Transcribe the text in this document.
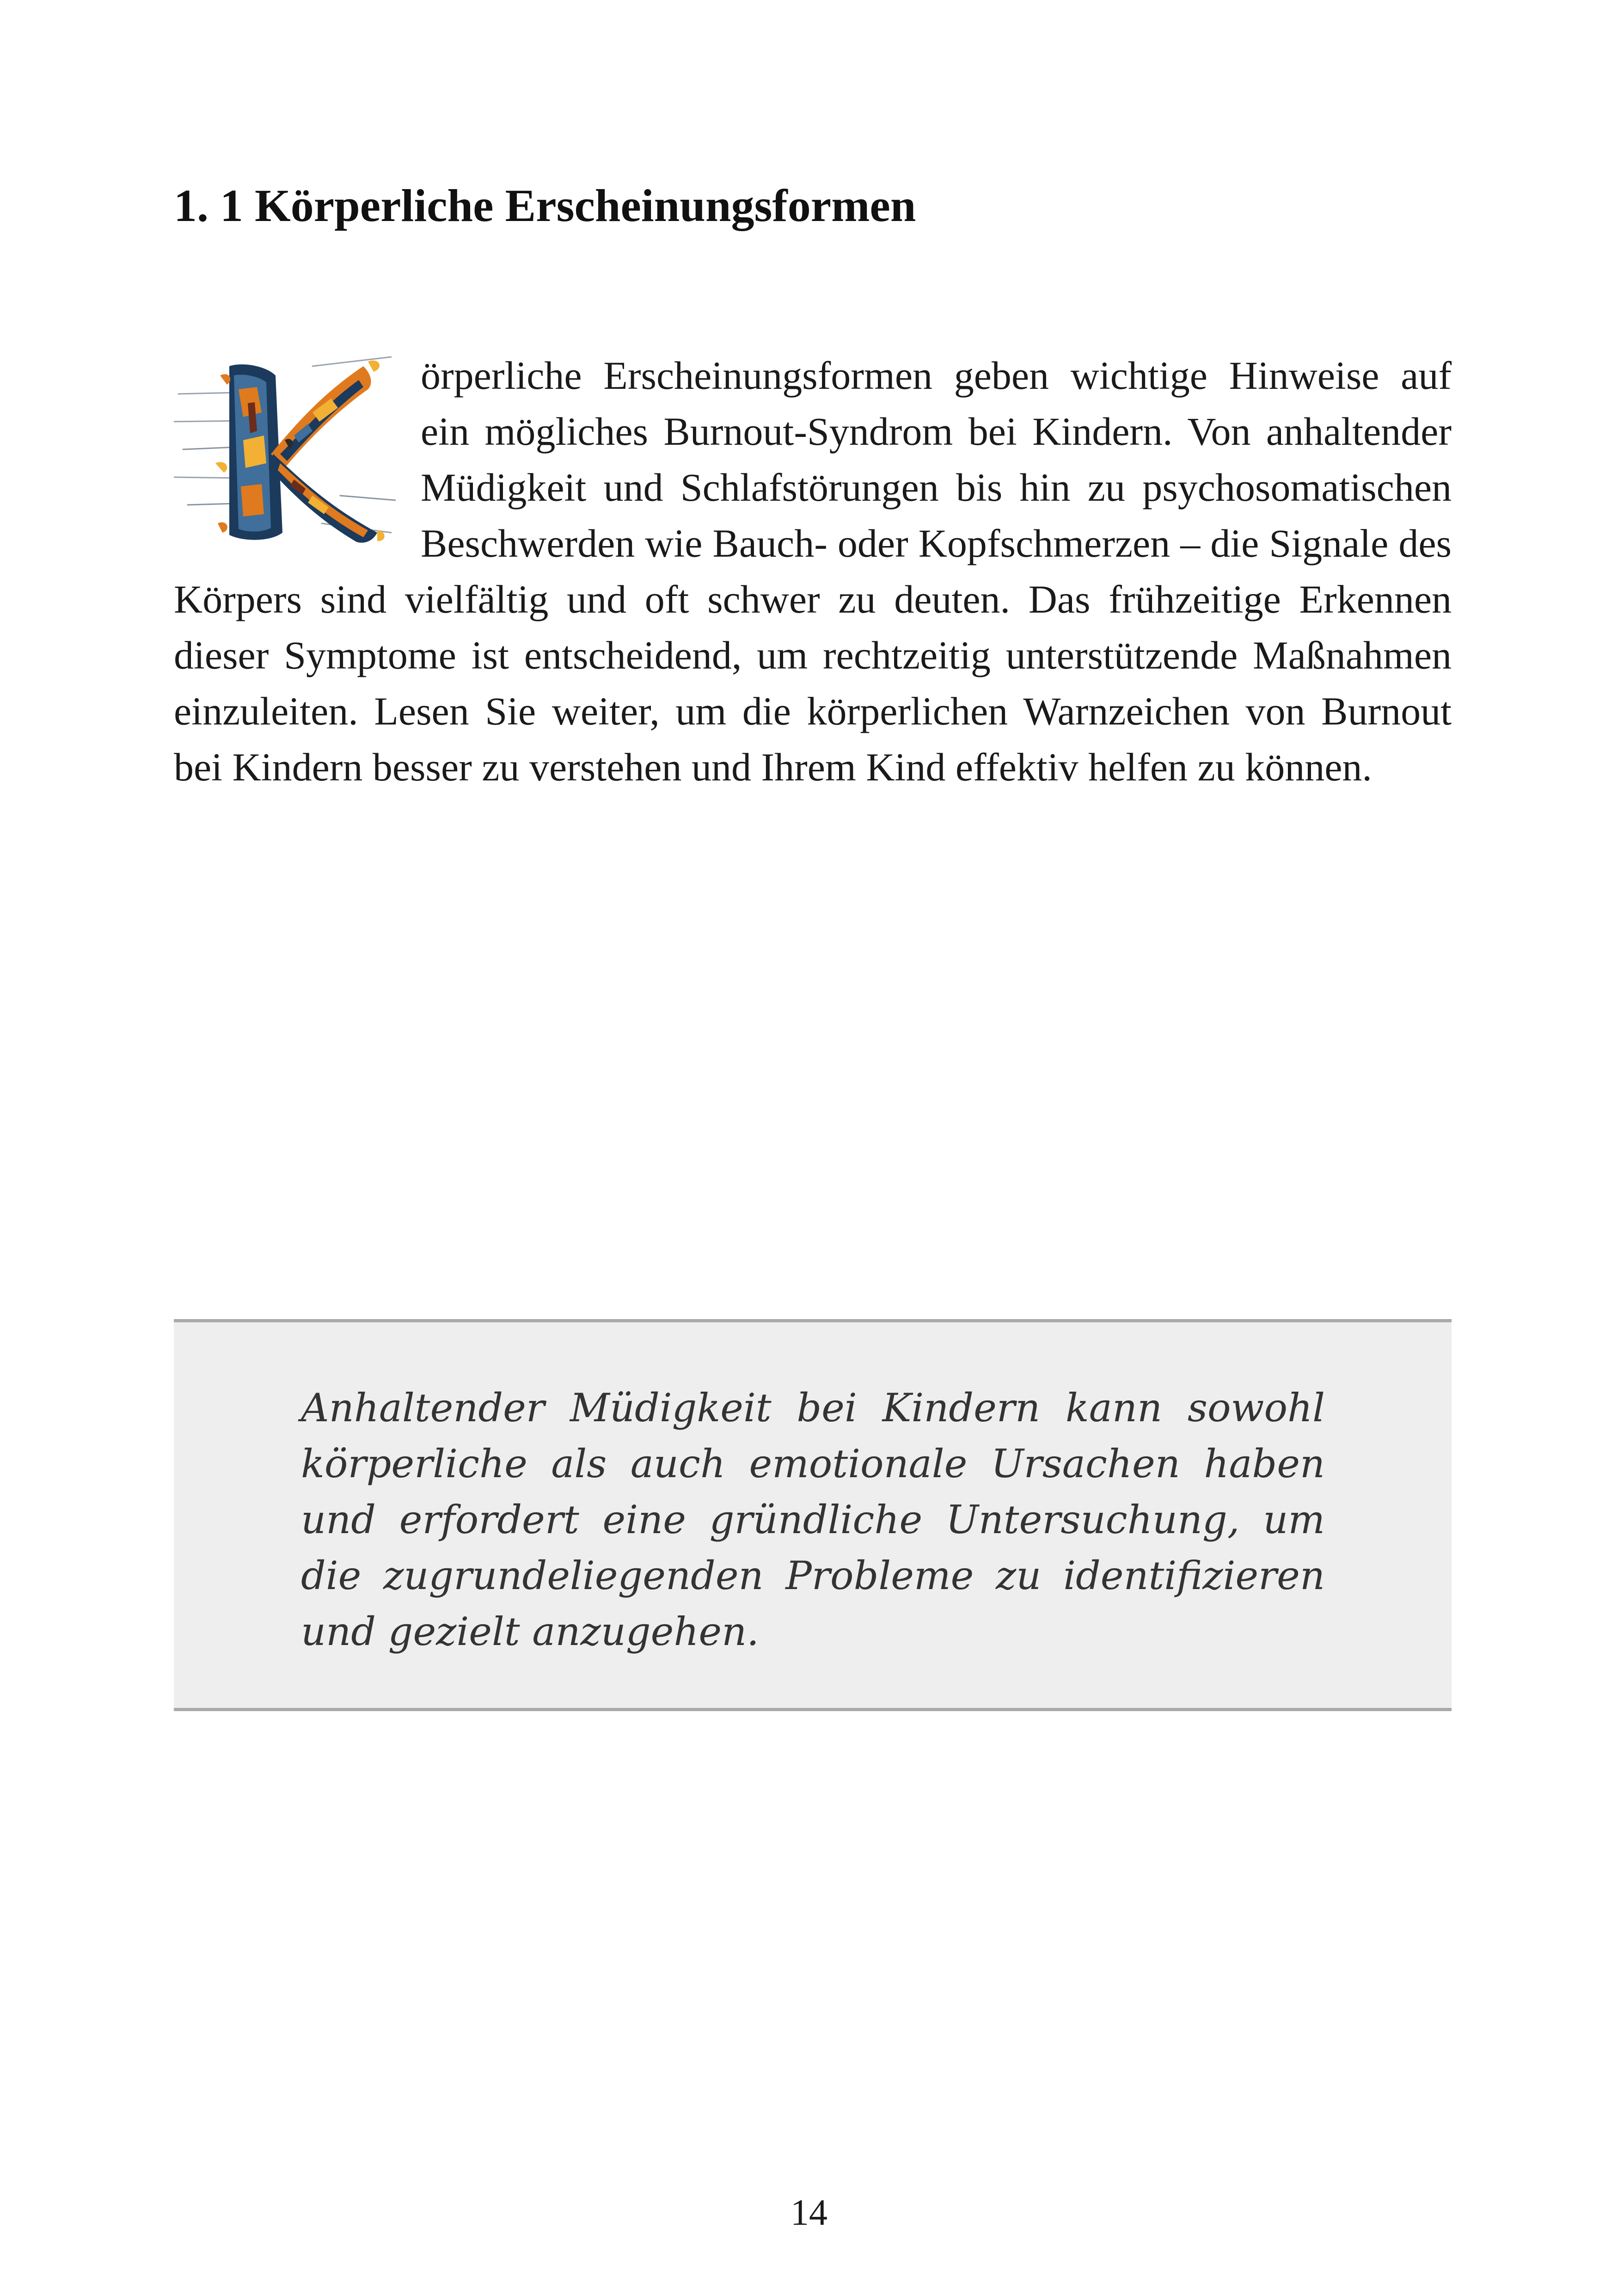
1. 1 Körperliche Erscheinungsformen
örperliche Erscheinungsformen geben wichtige Hinweise auf ein mögliches Burnout-Syndrom bei Kindern. Von anhaltender Müdigkeit und Schlafstörungen bis hin zu psychosomatischen Beschwerden wie Bauch- oder Kopfschmerzen – die Signale des Körpers sind vielfältig und oft schwer zu deuten. Das frühzeitige Erkennen dieser Symptome ist entscheidend, um rechtzeitig unterstützende Maßnahmen einzuleiten. Lesen Sie weiter, um die körperlichen Warnzeichen von Burnout bei Kindern besser zu verstehen und Ihrem Kind effektiv helfen zu können.

Anhaltender Müdigkeit bei Kindern kann sowohl körperliche als auch emotionale Ursachen haben und erfordert eine gründliche Untersuchung, um die zugrundeliegenden Probleme zu identifizieren und gezielt anzugehen.

14
